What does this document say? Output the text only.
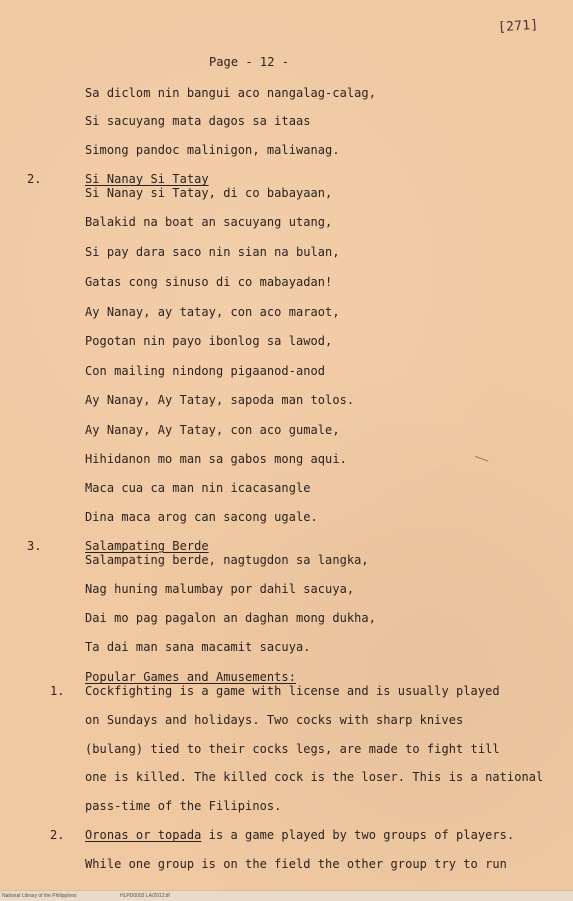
[271]
Page - 12 -
Sa diclom nin bangui aco nangalag-calag,
Si sacuyang mata dagos sa itaas
Simong pandoc malinigon, maliwanag.
2.	Si Nanay Si Tatay
Si Nanay si Tatay, di co babayaan,
Balakid na boat an sacuyang utang,
Si pay dara saco nin sian na bulan,
Gatas cong sinuso di co mabayadan!
Ay Nanay, ay tatay, con aco maraot,
Pogotan nin payo ibonlog sa lawod,
Con mailing nindong pigaanod-anod
Ay Nanay, Ay Tatay, sapoda man tolos.
Ay Nanay, Ay Tatay, con aco gumale,
Hihidanon mo man sa gabos mong aqui.
Maca cua ca man nin icacasangle
Dina maca arog can sacong ugale.
3.	Salampating Berde
Salampating berde, nagtugdon sa langka,
Nag huning malumbay por dahil sacuya,
Dai mo pag pagalon an daghan mong dukha,
Ta dai man sana macamit sacuya.
Popular Games and Amusements:
1. Cockfighting is a game with license and is usually played
on Sundays and holidays. Two cocks with sharp knives
(bulang) tied to their cocks legs, are made to fight till
one is killed. The killed cock is the loser. This is a national
pass-time of the Filipinos.
2. Oronas or topada is a game played by two groups of players.
While one group is on the field the other group try to run
National Library of the Philippines	HLPD0003 LA/2012.tif
